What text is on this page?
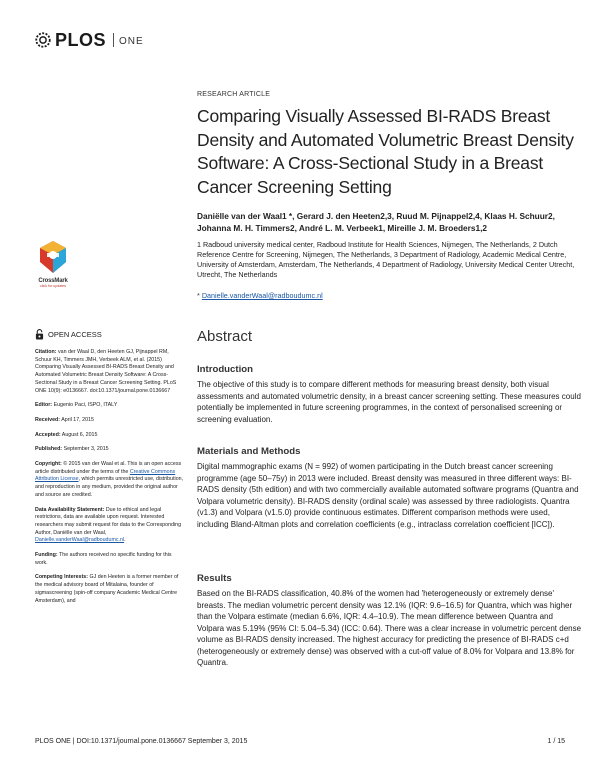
PLOS ONE
RESEARCH ARTICLE
Comparing Visually Assessed BI-RADS Breast Density and Automated Volumetric Breast Density Software: A Cross-Sectional Study in a Breast Cancer Screening Setting

Daniëlle van der Waal1 *, Gerard J. den Heeten2,3, Ruud M. Pijnappel2,4, Klaas H. Schuur2, Johanna M. H. Timmers2, André L. M. Verbeek1, Mireille J. M. Broeders1,2

1 Radboud university medical center, Radboud Institute for Health Sciences, Nijmegen, The Netherlands, 2 Dutch Reference Centre for Screening, Nijmegen, The Netherlands, 3 Department of Radiology, Academic Medical Centre, University of Amsterdam, Amsterdam, The Netherlands, 4 Department of Radiology, University Medical Center Utrecht, Utrecht, The Netherlands

* Danielle.vanderWaal@radboudumc.nl
CrossMark
click for updates
OPEN ACCESS

Citation: van der Waal D, den Heeten GJ, Pijnappel RM, Schuur KH, Timmers JMH, Verbeek ALM, et al. (2015) Comparing Visually Assessed BI-RADS Breast Density and Automated Volumetric Breast Density Software: A Cross-Sectional Study in a Breast Cancer Screening Setting. PLoS ONE 10(9): e0136667. doi:10.1371/journal.pone.0136667

Editor: Eugenio Paci, ISPO, ITALY

Received: April 17, 2015

Accepted: August 6, 2015

Published: September 3, 2015

Copyright: © 2015 van der Waal et al. This is an open access article distributed under the terms of the Creative Commons Attribution License, which permits unrestricted use, distribution, and reproduction in any medium, provided the original author and source are credited.

Data Availability Statement: Due to ethical and legal restrictions, data are available upon request. Interested researchers may submit request for data to the Corresponding Author, Daniëlle van der Waal, Danielle.vanderWaal@radboudumc.nl.

Funding: The authors received no specific funding for this work.

Competing Interests: GJ den Heeten is a former member of the medical advisory board of Mitalaina, founder of sigmascreening (spin-off company Academic Medical Centre Amsterdam), and

Abstract
Introduction

The objective of this study is to compare different methods for measuring breast density, both visual assessments and automated volumetric density, in a breast cancer screening setting. These measures could potentially be implemented in future screening programmes, in the context of personalised screening or screening evaluation.

Materials and Methods

Digital mammographic exams (N = 992) of women participating in the Dutch breast cancer screening programme (age 50–75y) in 2013 were included. Breast density was measured in three different ways: BI-RADS density (5th edition) and with two commercially available automated software programs (Quantra and Volpara volumetric density). BI-RADS density (ordinal scale) was assessed by three radiologists. Quantra (v1.3) and Volpara (v1.5.0) provide continuous estimates. Different comparison methods were used, including Bland-Altman plots and correlation coefficients (e.g., intraclass correlation coefficient [ICC]).

Results

Based on the BI-RADS classification, 40.8% of the women had 'heterogeneously or extremely dense' breasts. The median volumetric percent density was 12.1% (IQR: 9.6–16.5) for Quantra, which was higher than the Volpara estimate (median 6.6%, IQR: 4.4–10.9). The mean difference between Quantra and Volpara was 5.19% (95% CI: 5.04–5.34) (ICC: 0.64). There was a clear increase in volumetric percent dense volume as BI-RADS density increased. The highest accuracy for predicting the presence of BI-RADS c+d (heterogeneously or extremely dense) was observed with a cut-off value of 8.0% for Volpara and 13.8% for Quantra.

PLOS ONE | DOI:10.1371/journal.pone.0136667 September 3, 2015	1 / 15
